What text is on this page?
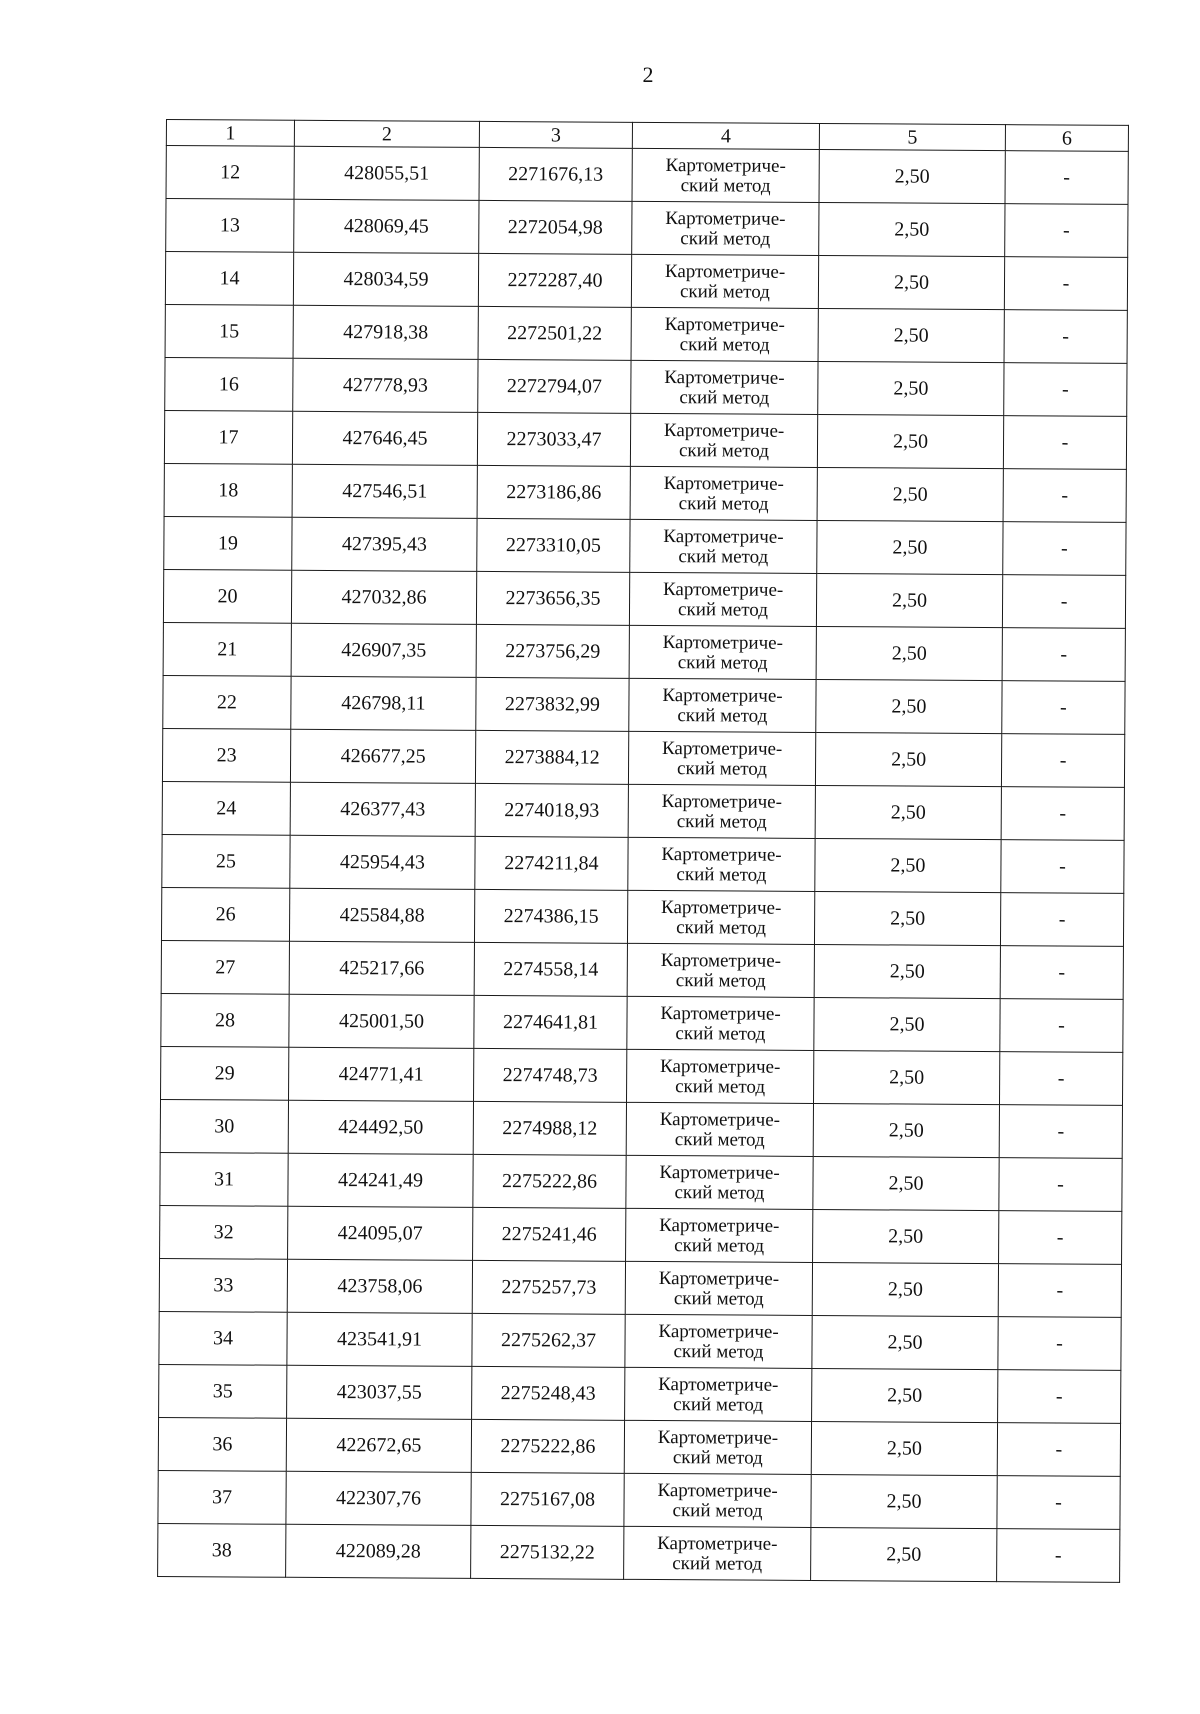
2
1	2	3	4	5	6
12	428055,51	2271676,13	Картометриче-
ский метод	2,50	-
13	428069,45	2272054,98	Картометриче-
ский метод	2,50	-
14	428034,59	2272287,40	Картометриче-
ский метод	2,50	-
15	427918,38	2272501,22	Картометриче-
ский метод	2,50	-
16	427778,93	2272794,07	Картометриче-
ский метод	2,50	-
17	427646,45	2273033,47	Картометриче-
ский метод	2,50	-
18	427546,51	2273186,86	Картометриче-
ский метод	2,50	-
19	427395,43	2273310,05	Картометриче-
ский метод	2,50	-
20	427032,86	2273656,35	Картометриче-
ский метод	2,50	-
21	426907,35	2273756,29	Картометриче-
ский метод	2,50	-
22	426798,11	2273832,99	Картометриче-
ский метод	2,50	-
23	426677,25	2273884,12	Картометриче-
ский метод	2,50	-
24	426377,43	2274018,93	Картометриче-
ский метод	2,50	-
25	425954,43	2274211,84	Картометриче-
ский метод	2,50	-
26	425584,88	2274386,15	Картометриче-
ский метод	2,50	-
27	425217,66	2274558,14	Картометриче-
ский метод	2,50	-
28	425001,50	2274641,81	Картометриче-
ский метод	2,50	-
29	424771,41	2274748,73	Картометриче-
ский метод	2,50	-
30	424492,50	2274988,12	Картометриче-
ский метод	2,50	-
31	424241,49	2275222,86	Картометриче-
ский метод	2,50	-
32	424095,07	2275241,46	Картометриче-
ский метод	2,50	-
33	423758,06	2275257,73	Картометриче-
ский метод	2,50	-
34	423541,91	2275262,37	Картометриче-
ский метод	2,50	-
35	423037,55	2275248,43	Картометриче-
ский метод	2,50	-
36	422672,65	2275222,86	Картометриче-
ский метод	2,50	-
37	422307,76	2275167,08	Картометриче-
ский метод	2,50	-
38	422089,28	2275132,22	Картометриче-
ский метод	2,50	-
